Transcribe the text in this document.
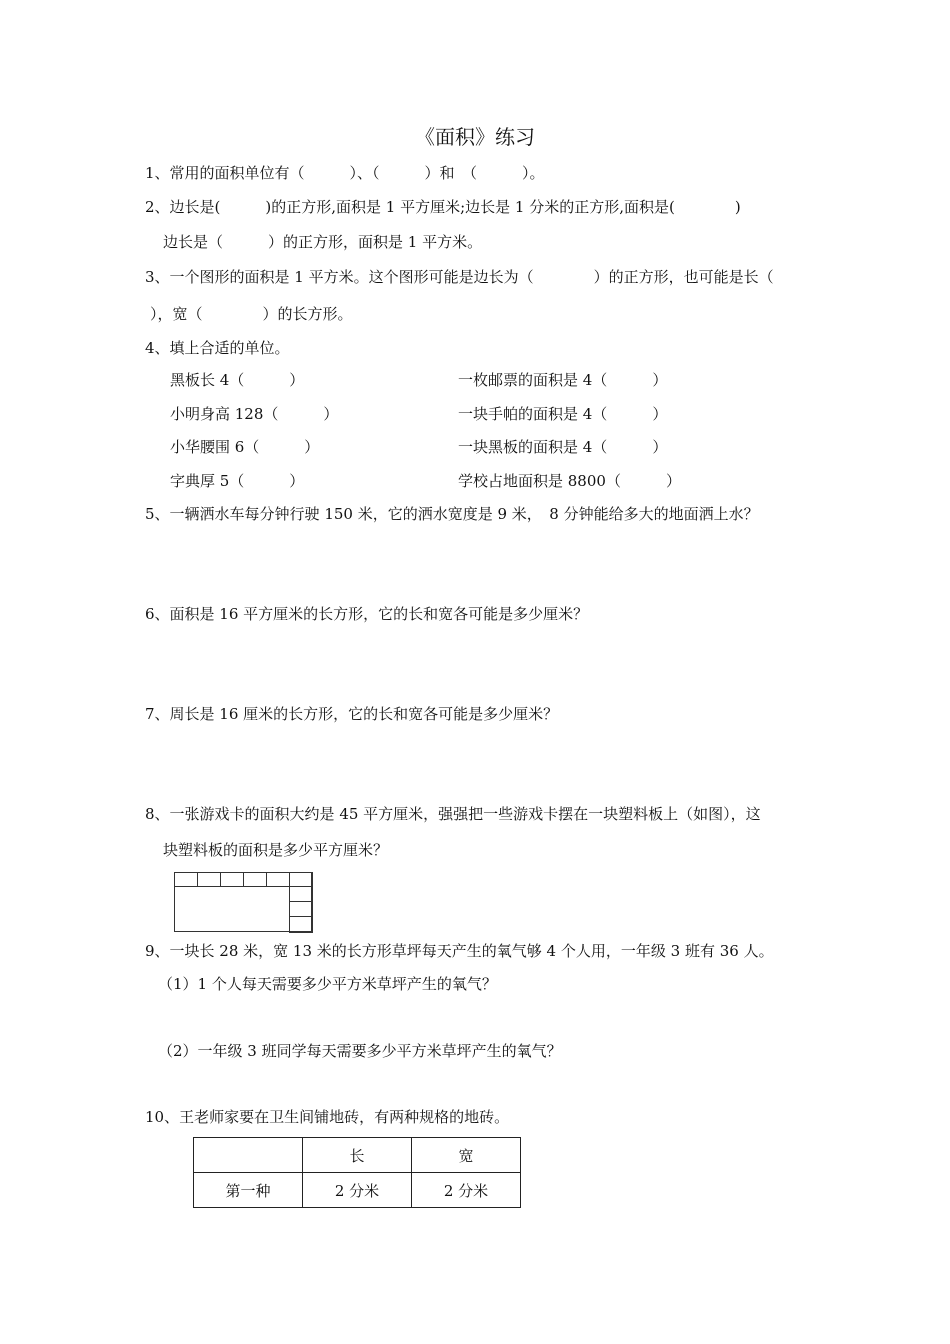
《面积》练习
1、常用的面积单位有（　　　）、（　　　）和　（　　　）。
2、边长是(　　　)的正方形,面积是 1 平方厘米;边长是 1 分米的正方形,面积是(　　　　)
边长是（　　　）的正方形，面积是 1 平方米。
3、一个图形的面积是 1 平方米。这个图形可能是边长为（　　　　）的正方形，也可能是长（
），宽（　　　　）的长方形。
4、填上合适的单位。
黑板长 4（　　　）	一枚邮票的面积是 4（　　　）
小明身高 128（　　　）	一块手帕的面积是 4（　　　）
小华腰围 6（　　　）	一块黑板的面积是 4（　　　）
字典厚 5（　　　）	学校占地面积是 8800（　　　）
5、一辆洒水车每分钟行驶 150 米，它的洒水宽度是 9 米，　8 分钟能给多大的地面洒上水？
6、面积是 16 平方厘米的长方形，它的长和宽各可能是多少厘米？
7、周长是 16 厘米的长方形，它的长和宽各可能是多少厘米？
8、一张游戏卡的面积大约是 45 平方厘米，强强把一些游戏卡摆在一块塑料板上（如图），这
块塑料板的面积是多少平方厘米？
9、一块长 28 米，宽 13 米的长方形草坪每天产生的氧气够 4 个人用，一年级 3 班有 36 人。
（1）1 个人每天需要多少平方米草坪产生的氧气？
（2）一年级 3 班同学每天需要多少平方米草坪产生的氧气？
10、王老师家要在卫生间铺地砖，有两种规格的地砖。
	长	宽
第一种	2 分米	2 分米
